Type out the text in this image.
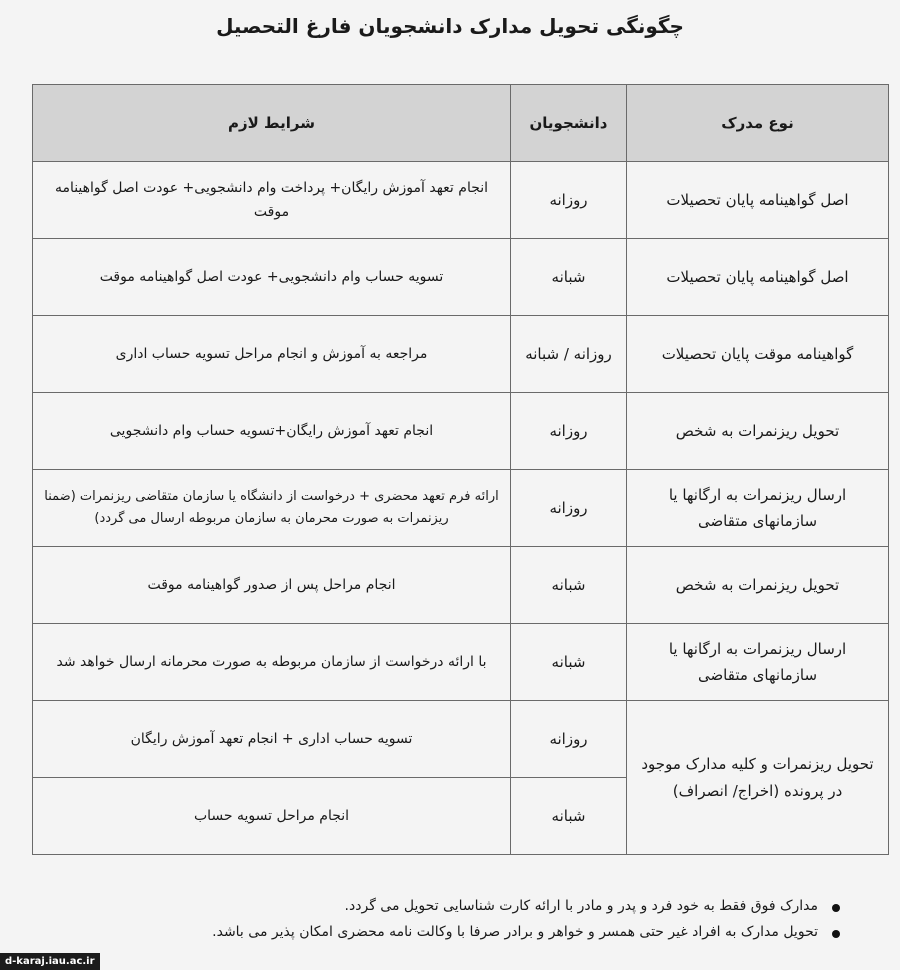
چگونگی تحویل مدارک دانشجویان فارغ التحصیل
نوع مدرک	دانشجویان	شرایط لازم
اصل گواهینامه پایان تحصیلات	روزانه	انجام تعهد آموزش رایگان+ پرداخت وام دانشجویی+ عودت اصل گواهینامه موقت
اصل گواهینامه پایان تحصیلات	شبانه	تسویه حساب وام دانشجویی+ عودت اصل گواهینامه موقت
گواهینامه موقت پایان تحصیلات	روزانه / شبانه	مراجعه به آموزش و انجام مراحل تسویه حساب اداری
تحویل ریزنمرات به شخص	روزانه	انجام تعهد آموزش رایگان+تسویه حساب وام دانشجویی
ارسال ریزنمرات به ارگانها یا سازمانهای متقاضی	روزانه	ارائه فرم تعهد محضری + درخواست از دانشگاه یا سازمان متقاضی ریزنمرات (ضمنا ریزنمرات به صورت محرمان به سازمان مربوطه ارسال می گردد)
تحویل ریزنمرات به شخص	شبانه	انجام مراحل پس از صدور گواهینامه موقت
ارسال ریزنمرات به ارگانها یا سازمانهای متقاضی	شبانه	با ارائه درخواست از سازمان مربوطه به صورت محرمانه ارسال خواهد شد
تحویل ریزنمرات و کلیه مدارک موجود در پرونده (اخراج/ انصراف)	روزانه	تسویه حساب اداری + انجام تعهد آموزش رایگان
	شبانه	انجام مراحل تسویه حساب
مدارک فوق فقط به خود فرد و پدر و مادر با ارائه کارت شناسایی تحویل می گردد.
تحویل مدارک به افراد غیر حتی همسر و خواهر و برادر صرفا با وکالت نامه محضری امکان پذیر می باشد.
d-karaj.iau.ac.ir
